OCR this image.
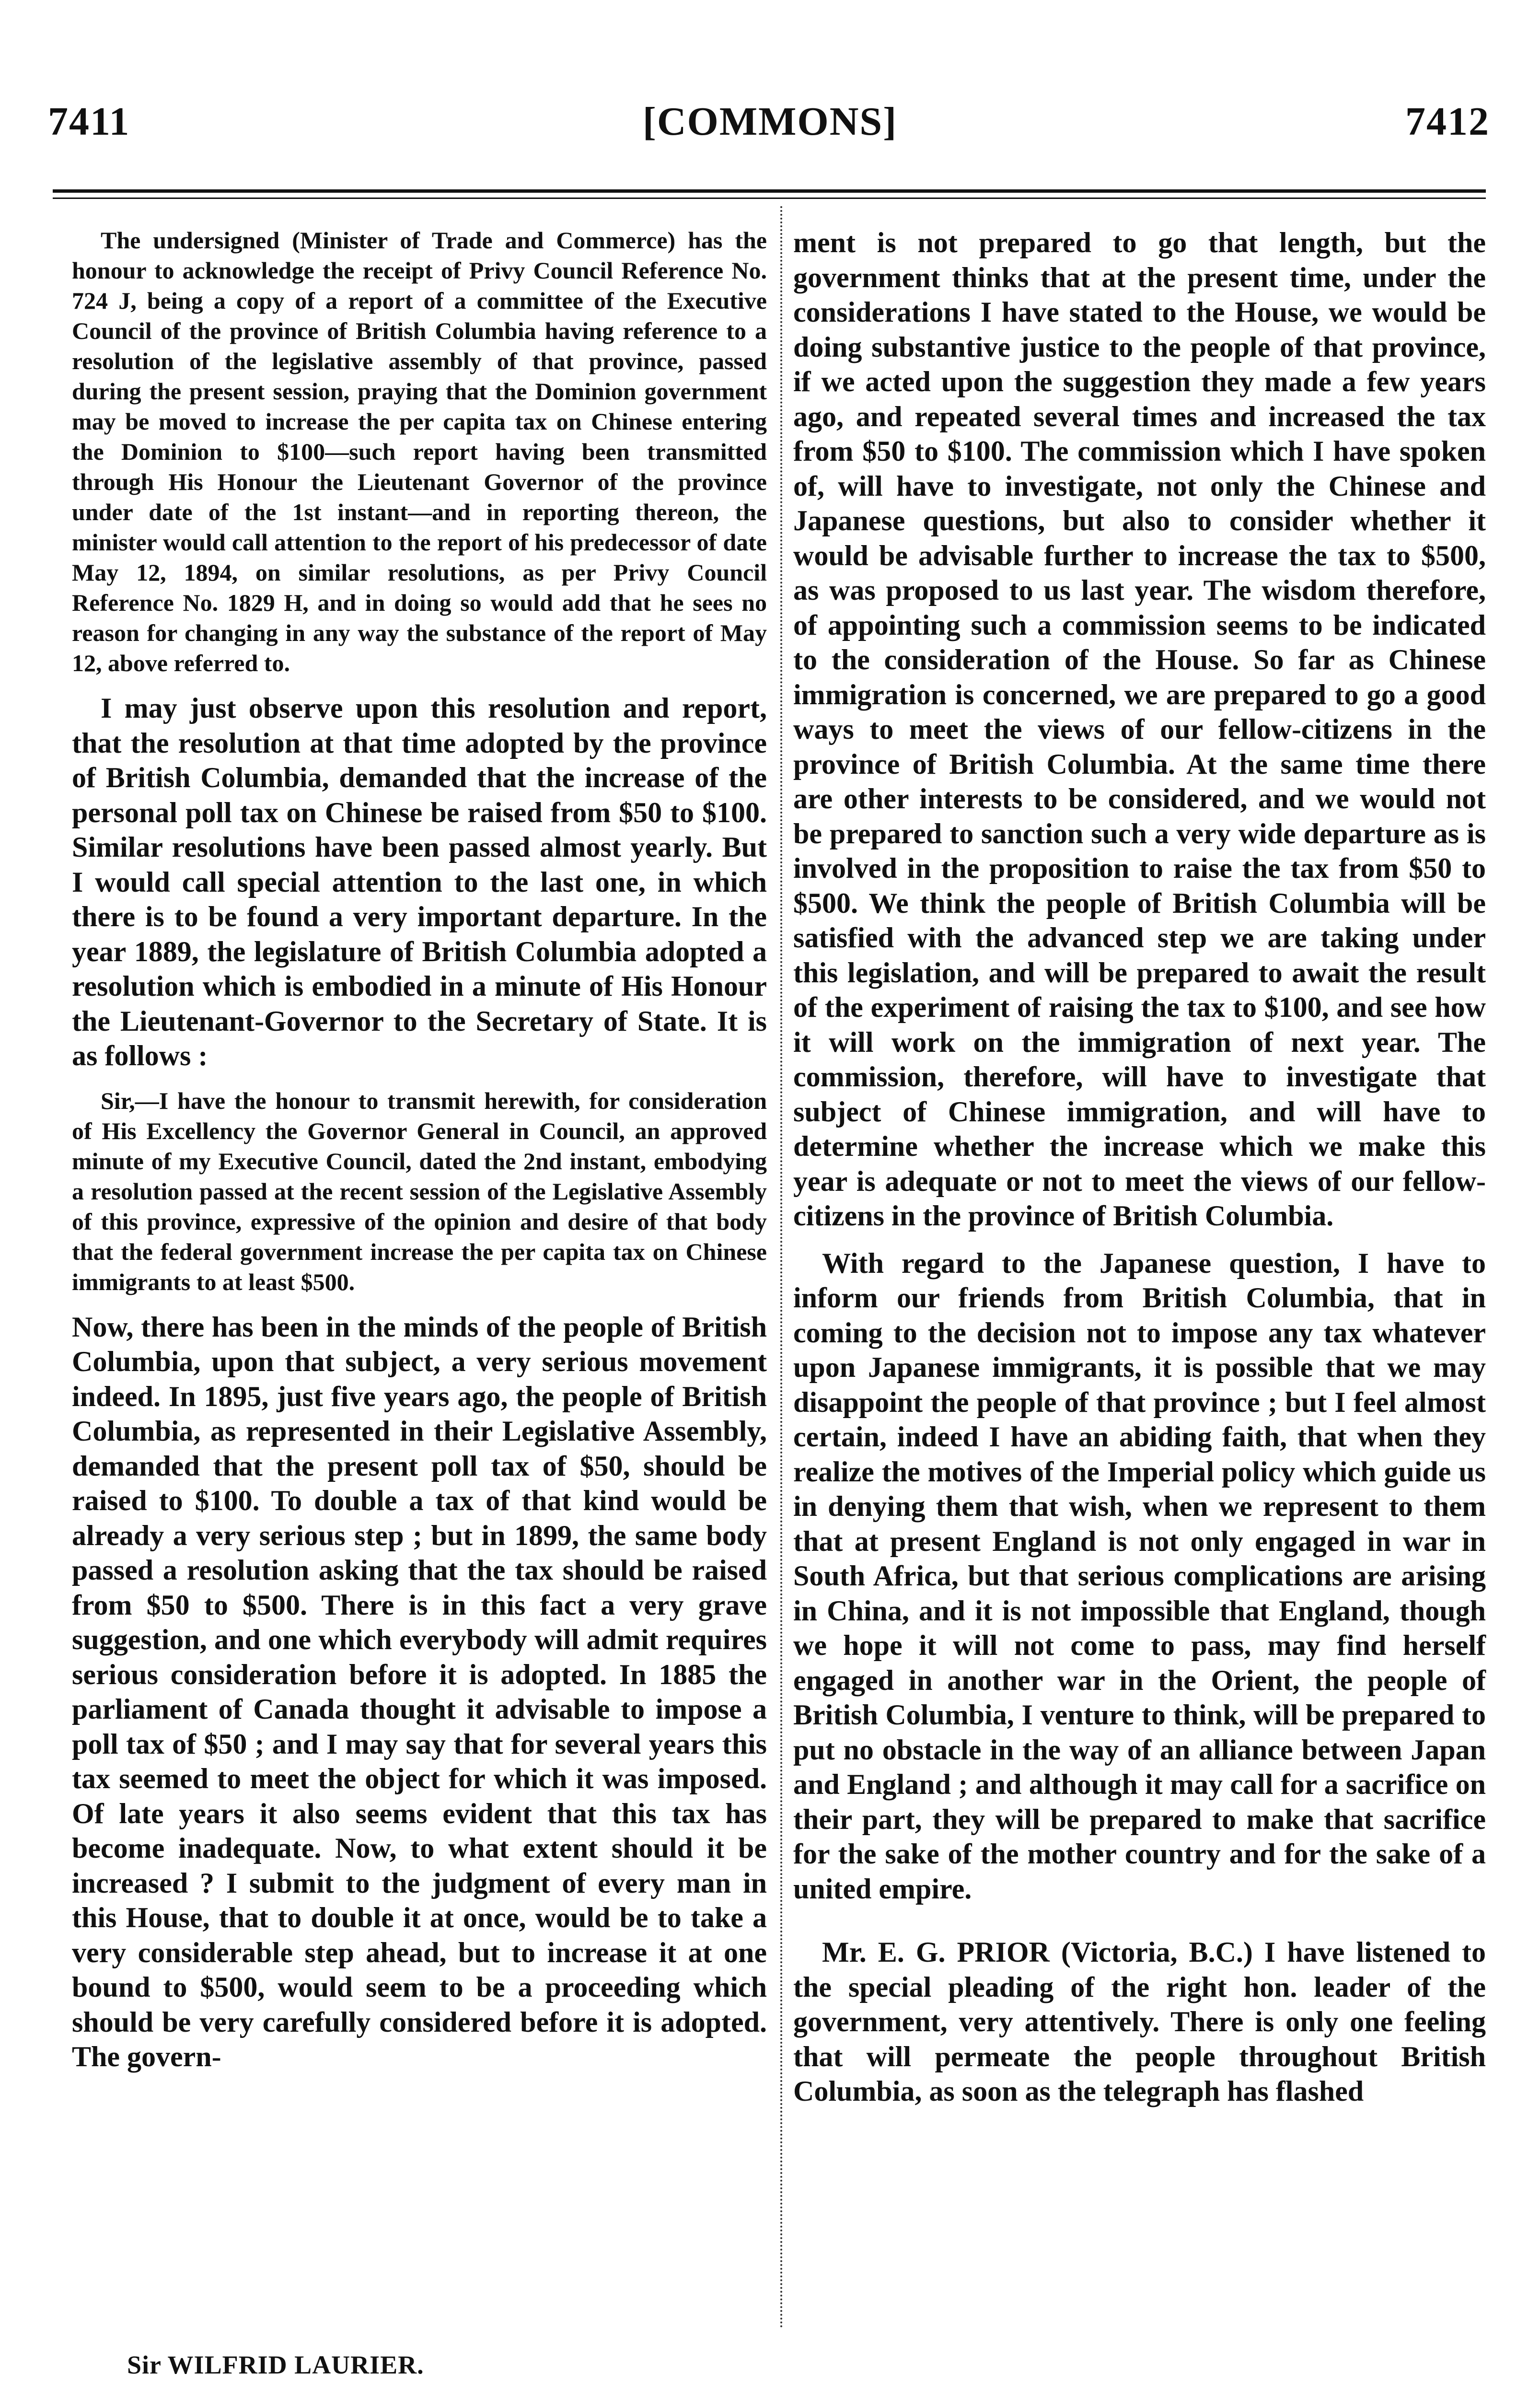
7411	[COMMONS]	7412

The undersigned (Minister of Trade and Commerce) has the honour to acknowledge the receipt of Privy Council Reference No. 724 J, being a copy of a report of a committee of the Executive Council of the province of British Columbia having reference to a resolution of the legislative assembly of that province, passed during the present session, praying that the Dominion government may be moved to increase the per capita tax on Chinese entering the Dominion to $100—such report having been transmitted through His Honour the Lieutenant Governor of the province under date of the 1st instant—and in reporting thereon, the minister would call attention to the report of his predecessor of date May 12, 1894, on similar resolutions, as per Privy Council Reference No. 1829 H, and in doing so would add that he sees no reason for changing in any way the substance of the report of May 12, above referred to.

I may just observe upon this resolution and report, that the resolution at that time adopted by the province of British Columbia, demanded that the increase of the personal poll tax on Chinese be raised from $50 to $100. Similar resolutions have been passed almost yearly. But I would call special attention to the last one, in which there is to be found a very important departure. In the year 1889, the legislature of British Columbia adopted a resolution which is embodied in a minute of His Honour the Lieutenant-Governor to the Secretary of State. It is as follows :

Sir,—I have the honour to transmit herewith, for consideration of His Excellency the Governor General in Council, an approved minute of my Executive Council, dated the 2nd instant, embodying a resolution passed at the recent session of the Legislative Assembly of this province, expressive of the opinion and desire of that body that the federal government increase the per capita tax on Chinese immigrants to at least $500.

Now, there has been in the minds of the people of British Columbia, upon that subject, a very serious movement indeed. In 1895, just five years ago, the people of British Columbia, as represented in their Legislative Assembly, demanded that the present poll tax of $50, should be raised to $100. To double a tax of that kind would be already a very serious step ; but in 1899, the same body passed a resolution asking that the tax should be raised from $50 to $500. There is in this fact a very grave suggestion, and one which everybody will admit requires serious consideration before it is adopted. In 1885 the parliament of Canada thought it advisable to impose a poll tax of $50 ; and I may say that for several years this tax seemed to meet the object for which it was imposed. Of late years it also seems evident that this tax has become inadequate. Now, to what extent should it be increased ? I submit to the judgment of every man in this House, that to double it at once, would be to take a very considerable step ahead, but to increase it at one bound to $500, would seem to be a proceeding which should be very carefully considered before it is adopted. The govern-

ment is not prepared to go that length, but the government thinks that at the present time, under the considerations I have stated to the House, we would be doing substantive justice to the people of that province, if we acted upon the suggestion they made a few years ago, and repeated several times and increased the tax from $50 to $100. The commission which I have spoken of, will have to investigate, not only the Chinese and Japanese questions, but also to consider whether it would be advisable further to increase the tax to $500, as was proposed to us last year. The wisdom therefore, of appointing such a commission seems to be indicated to the consideration of the House. So far as Chinese immigration is concerned, we are prepared to go a good ways to meet the views of our fellow-citizens in the province of British Columbia. At the same time there are other interests to be considered, and we would not be prepared to sanction such a very wide departure as is involved in the proposition to raise the tax from $50 to $500. We think the people of British Columbia will be satisfied with the advanced step we are taking under this legislation, and will be prepared to await the result of the experiment of raising the tax to $100, and see how it will work on the immigration of next year. The commission, therefore, will have to investigate that subject of Chinese immigration, and will have to determine whether the increase which we make this year is adequate or not to meet the views of our fellow-citizens in the province of British Columbia.

With regard to the Japanese question, I have to inform our friends from British Columbia, that in coming to the decision not to impose any tax whatever upon Japanese immigrants, it is possible that we may disappoint the people of that province ; but I feel almost certain, indeed I have an abiding faith, that when they realize the motives of the Imperial policy which guide us in denying them that wish, when we represent to them that at present England is not only engaged in war in South Africa, but that serious complications are arising in China, and it is not impossible that England, though we hope it will not come to pass, may find herself engaged in another war in the Orient, the people of British Columbia, I venture to think, will be prepared to put no obstacle in the way of an alliance between Japan and England ; and although it may call for a sacrifice on their part, they will be prepared to make that sacrifice for the sake of the mother country and for the sake of a united empire.

Mr. E. G. PRIOR (Victoria, B.C.) I have listened to the special pleading of the right hon. leader of the government, very attentively. There is only one feeling that will permeate the people throughout British Columbia, as soon as the telegraph has flashed

Sir WILFRID LAURIER.
